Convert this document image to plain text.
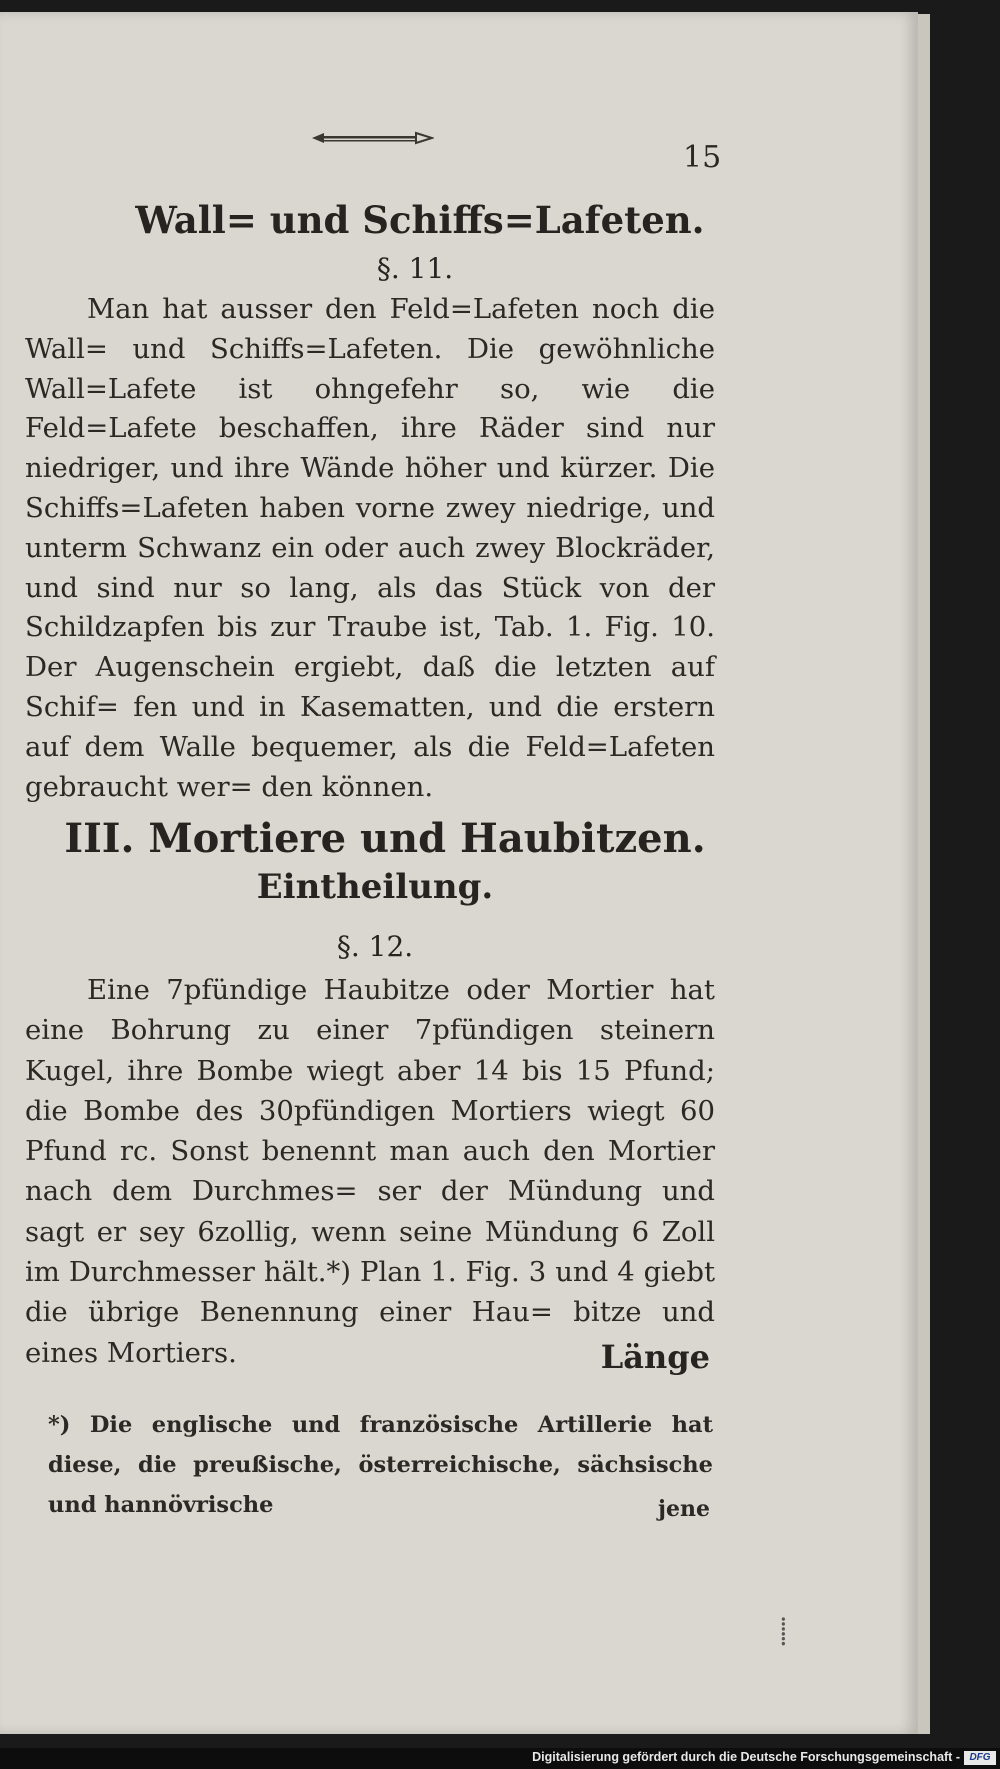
15
Wall= und Schiffs=Lafeten.
§. 11.
Man hat ausser den Feld=Lafeten noch die Wall= und Schiffs=Lafeten. Die gewöhnliche Wall=Lafete ist ohngefehr so, wie die Feld=Lafete beschaffen, ihre Räder sind nur niedriger, und ihre Wände höher und kürzer. Die Schiffs=Lafeten haben vorne zwey niedrige, und unterm Schwanz ein oder auch zwey Blockräder, und sind nur so lang, als das Stück von der Schildzapfen bis zur Traube ist, Tab. 1. Fig. 10. Der Augenschein ergiebt, daß die letzten auf Schif= fen und in Kasematten, und die erstern auf dem Walle bequemer, als die Feld=Lafeten gebraucht wer= den können.
III. Mortiere und Haubitzen.
Eintheilung.
§. 12.
Eine 7pfündige Haubitze oder Mortier hat eine Bohrung zu einer 7pfündigen steinern Kugel, ihre Bombe wiegt aber 14 bis 15 Pfund; die Bombe des 30pfündigen Mortiers wiegt 60 Pfund rc. Sonst benennt man auch den Mortier nach dem Durchmes= ser der Mündung und sagt er sey 6zollig, wenn seine Mündung 6 Zoll im Durchmesser hält.*) Plan 1. Fig. 3 und 4 giebt die übrige Benennung einer Hau= bitze und eines Mortiers.	Länge
*) Die englische und französische Artillerie hat diese, die preußische, österreichische, sächsische und hannövrische	jene
⸽
Digitalisierung gefördert durch die Deutsche Forschungsgemeinschaft - DFG
